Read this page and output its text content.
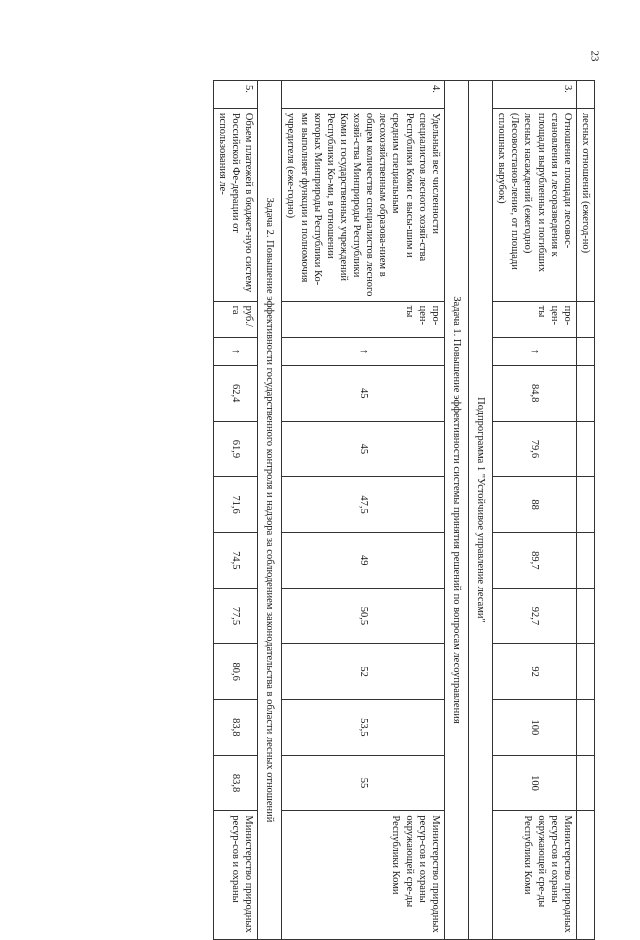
23
	лесных отношений (ежегод-но)											
3.	Отношение площади лесовос-становления и лесоразведения к площади вырубленных и погибших лесных насаждений (ежегодно) (Лесовосстанов-ление, от площади сплошных вырубок)	про-цен-ты	↑	84,8	79,6	88	89,7	92,7	92	100	100	Министерство природных ресур-сов и охраны окружающей сре-ды Республики Коми
Подпрограмма 1 "Устойчивое управление лесами"												
Задача 1. Повышение эффективности системы принятия решений по вопросам лесоуправления												
4.	Удельный вес численности специалистов лесного хозяй-ства Республики Коми с высы-шим и средним специальным лесохозяйственным образова-нием в общем количестве специалистов лесного хозяй-ства Минприроды Республики Коми и государственных учреждений Республики Ко-ми, в отношении которых Минприроды Республики Ко-ми выполняет функции и полномочия учредителя (еже-годно)	про-цен-ты	↑	45	45	47,5	49	50,5	52	53,5	55	Министерство природных ресур-сов и охраны окружающей сре-ды Республики Коми
Задача 2. Повышение эффективности государственного контроля и надзора за соблюдением законодательства в области лесных отношений												
5.	Объем платежей в бюджет-ную систему Российской Фе-дерации от использования ле-	руб./ га	↑	62,4	61,9	71,6	74,5	77,5	80,6	83,8	83,8	Министерство природных ресур-сов и охраны
